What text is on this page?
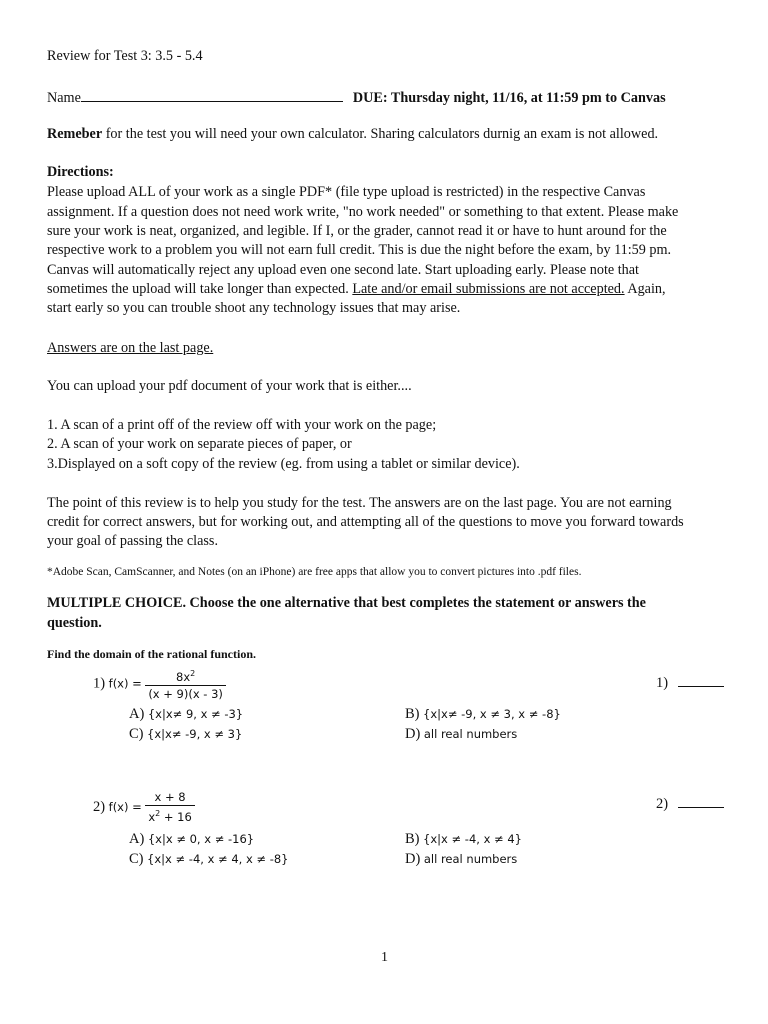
Review for Test 3: 3.5 - 5.4
Name	DUE: Thursday night, 11/16, at 11:59 pm to Canvas
Remeber for the test you will need your own calculator. Sharing calculators durnig an exam is not allowed.
Directions:
Please upload ALL of your work as a single PDF* (file type upload is restricted) in the respective Canvas
assignment. If a question does not need work write, "no work needed" or something to that extent. Please make
sure your work is neat, organized, and legible. If I, or the grader, cannot read it or have to hunt around for the
respective work to a problem you will not earn full credit. This is due the night before the exam, by 11:59 pm.
Canvas will automatically reject any upload even one second late. Start uploading early. Please note that
sometimes the upload will take longer than expected. Late and/or email submissions are not accepted. Again,
start early so you can trouble shoot any technology issues that may arise.
Answers are on the last page.
You can upload your pdf document of your work that is either....
1. A scan of a print off of the review off with your work on the page;
2. A scan of your work on separate pieces of paper, or
3.Displayed on a soft copy of the review (eg. from using a tablet or similar device).
The point of this review is to help you study for the test. The answers are on the last page. You are not earning
credit for correct answers, but for working out, and attempting all of the questions to move you forward towards
your goal of passing the class.
*Adobe Scan, CamScanner, and Notes (on an iPhone) are free apps that allow you to convert pictures into .pdf files.
MULTIPLE CHOICE. Choose the one alternative that best completes the statement or answers the
question.
Find the domain of the rational function.
1) $f(x) = \frac{8x^2}{(x + 9)(x - 3)}$	1)
A) {x|x≠ 9, x ≠ -3}	B) {x|x≠ -9, x ≠ 3, x ≠ -8}
C) {x|x≠ -9, x ≠ 3}	D) all real numbers
2) $f(x) = \frac{x + 8}{x^2 + 16}$	2)
A) {x|x ≠ 0, x ≠ -16}	B) {x|x ≠ -4, x ≠ 4}
C) {x|x ≠ -4, x ≠ 4, x ≠ -8}	D) all real numbers
1
